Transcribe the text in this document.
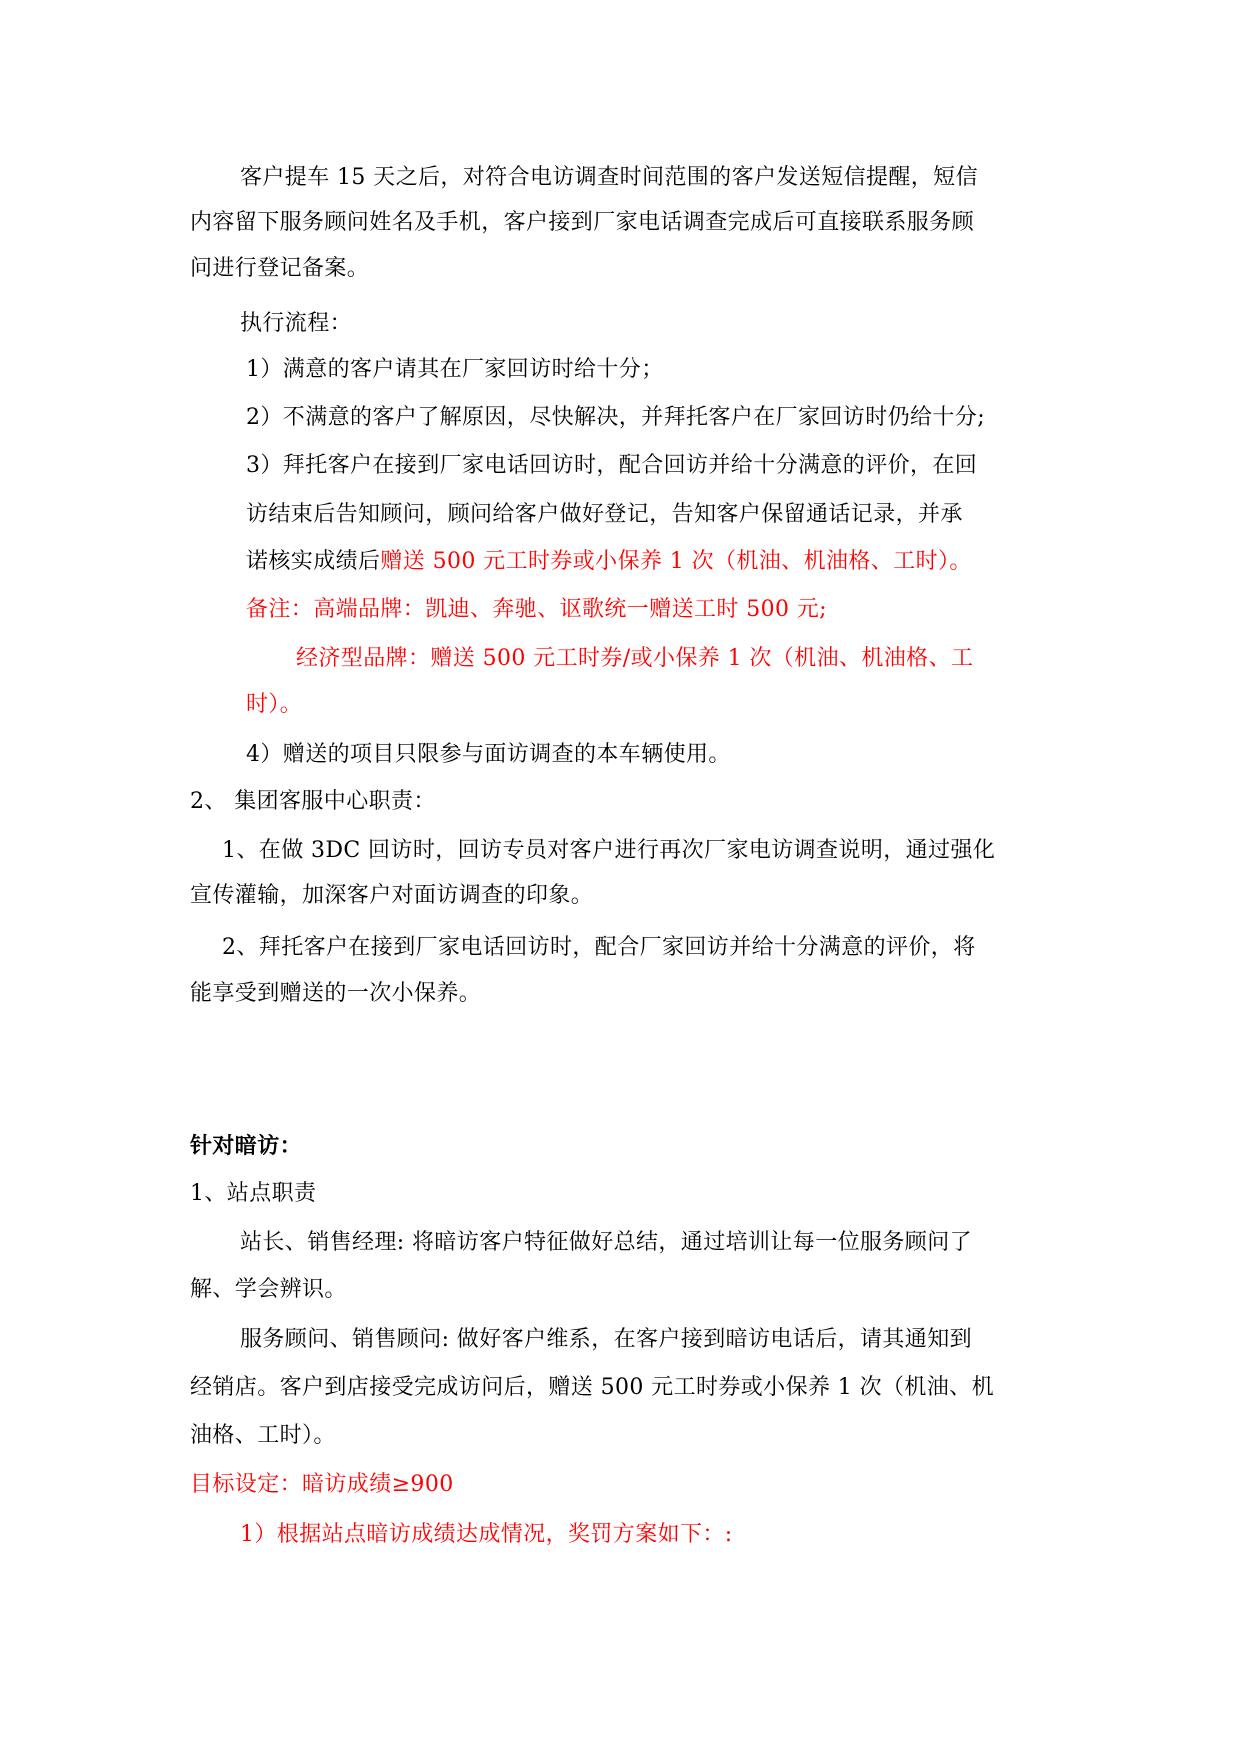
客户提车 15 天之后，对符合电访调查时间范围的客户发送短信提醒，短信
内容留下服务顾问姓名及手机，客户接到厂家电话调查完成后可直接联系服务顾
问进行登记备案。
执行流程：
1）满意的客户请其在厂家回访时给十分；
2）不满意的客户了解原因，尽快解决，并拜托客户在厂家回访时仍给十分;
3）拜托客户在接到厂家电话回访时，配合回访并给十分满意的评价，在回
访结束后告知顾问，顾问给客户做好登记，告知客户保留通话记录，并承
诺核实成绩后赠送 500 元工时券或小保养 1 次（机油、机油格、工时）。
备注：高端品牌：凯迪、奔驰、讴歌统一赠送工时 500 元;
经济型品牌：赠送 500 元工时券/或小保养 1 次（机油、机油格、工
时）。
4）赠送的项目只限参与面访调查的本车辆使用。
2、 集团客服中心职责：
1、在做 3DC 回访时，回访专员对客户进行再次厂家电访调查说明，通过强化
宣传灌输，加深客户对面访调查的印象。
2、拜托客户在接到厂家电话回访时，配合厂家回访并给十分满意的评价，将
能享受到赠送的一次小保养。
针对暗访：
1、站点职责
站长、销售经理: 将暗访客户特征做好总结，通过培训让每一位服务顾问了
解、学会辨识。
服务顾问、销售顾问: 做好客户维系，在客户接到暗访电话后，请其通知到
经销店。客户到店接受完成访问后，赠送 500 元工时券或小保养 1 次（机油、机
油格、工时）。
目标设定：暗访成绩≥900
1）根据站点暗访成绩达成情况，奖罚方案如下：:
